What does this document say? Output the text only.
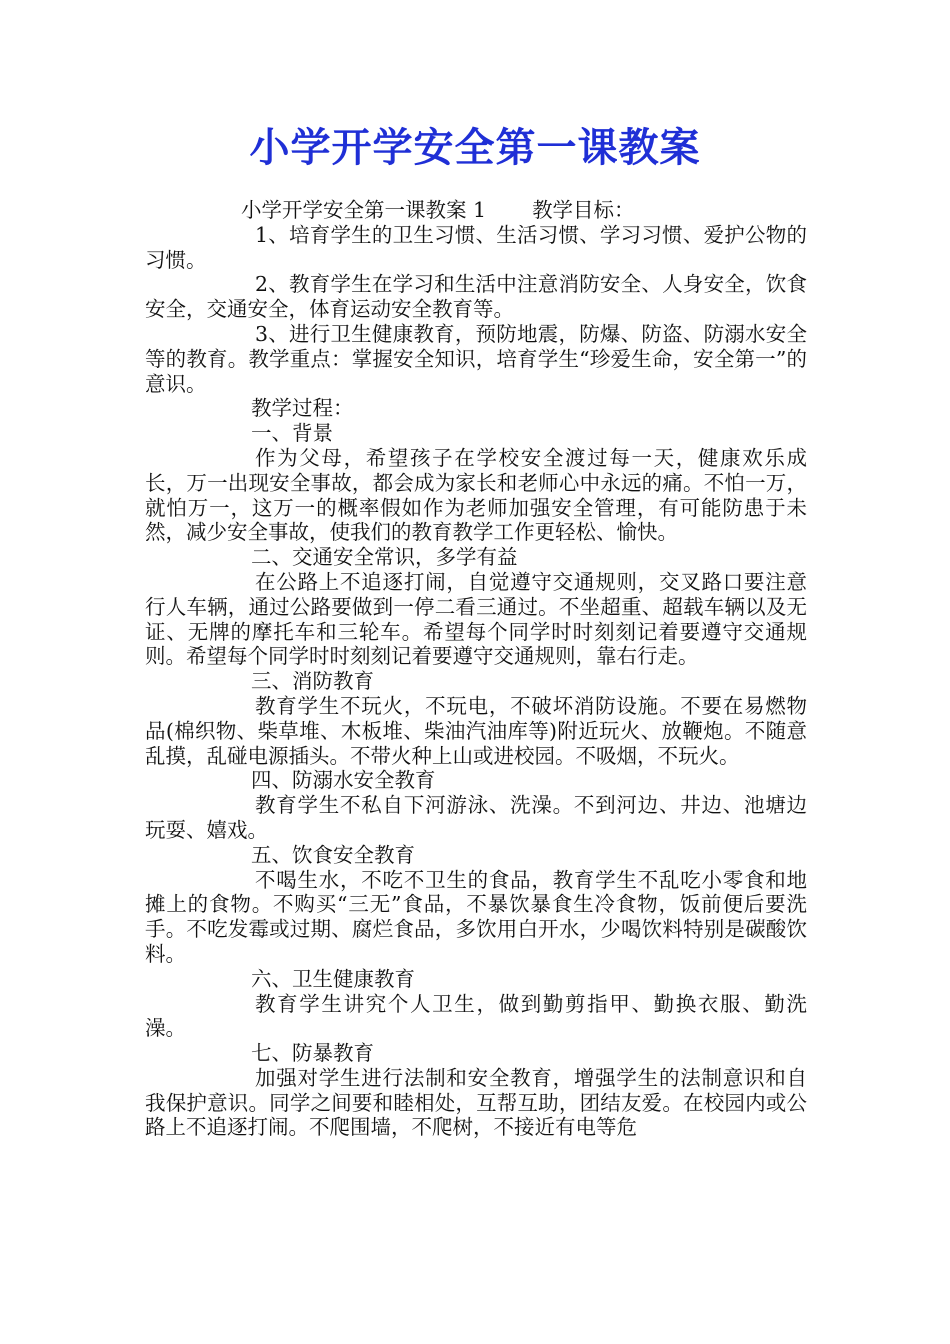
小学开学安全第一课教案

小学开学安全第一课教案 1 教学目标：

1、培育学生的卫生习惯、生活习惯、学习习惯、爱护公物的习惯。

2、教育学生在学习和生活中注意消防安全、人身安全，饮食安全，交通安全，体育运动安全教育等。

3、进行卫生健康教育，预防地震，防爆、防盗、防溺水安全等的教育。教学重点：掌握安全知识，培育学生“珍爱生命，安全第一”的意识。

教学过程：

一、背景

作为父母，希望孩子在学校安全渡过每一天，健康欢乐成长，万一出现安全事故，都会成为家长和老师心中永远的痛。不怕一万，就怕万一，这万一的概率假如作为老师加强安全管理，有可能防患于未然，减少安全事故，使我们的教育教学工作更轻松、愉快。

二、交通安全常识，多学有益

在公路上不追逐打闹，自觉遵守交通规则，交叉路口要注意行人车辆，通过公路要做到一停二看三通过。不坐超重、超载车辆以及无证、无牌的摩托车和三轮车。希望每个同学时时刻刻记着要遵守交通规则。希望每个同学时时刻刻记着要遵守交通规则，靠右行走。

三、消防教育

教育学生不玩火，不玩电，不破坏消防设施。不要在易燃物品(棉织物、柴草堆、木板堆、柴油汽油库等)附近玩火、放鞭炮。不随意乱摸，乱碰电源插头。不带火种上山或进校园。不吸烟，不玩火。

四、防溺水安全教育

教育学生不私自下河游泳、洗澡。不到河边、井边、池塘边玩耍、嬉戏。

五、饮食安全教育

不喝生水，不吃不卫生的食品，教育学生不乱吃小零食和地摊上的食物。不购买“三无”食品，不暴饮暴食生冷食物，饭前便后要洗手。不吃发霉或过期、腐烂食品，多饮用白开水，少喝饮料特别是碳酸饮料。

六、卫生健康教育

教育学生讲究个人卫生，做到勤剪指甲、勤换衣服、勤洗澡。

七、防暴教育

加强对学生进行法制和安全教育，增强学生的法制意识和自我保护意识。同学之间要和睦相处，互帮互助，团结友爱。在校园内或公路上不追逐打闹。不爬围墙，不爬树，不接近有电等危
